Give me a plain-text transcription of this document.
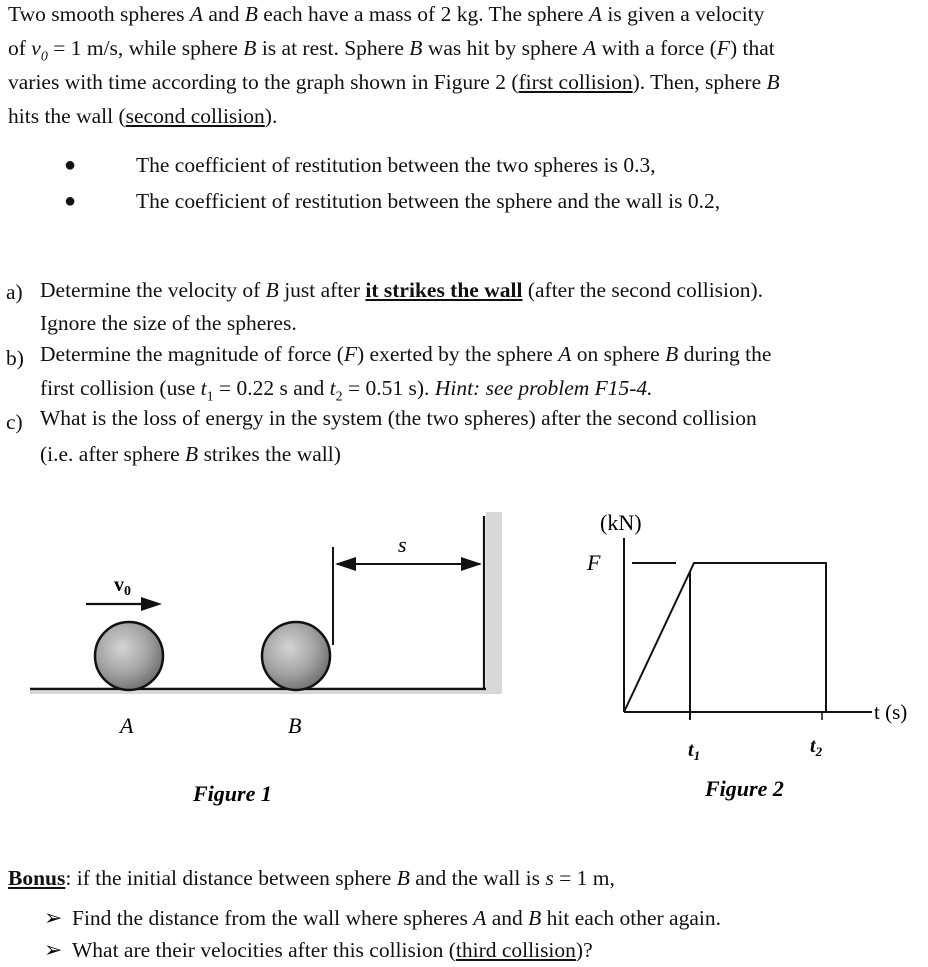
Two smooth spheres A and B each have a mass of 2 kg. The sphere A is given a velocity

of $v_0 = 1$ m/s, while sphere B is at rest. Sphere B was hit by sphere A with a force (F) that

varies with time according to the graph shown in Figure 2 (first collision). Then, sphere B

hits the wall (second collision).

●	The coefficient of restitution between the two spheres is 0.3,
●	The coefficient of restitution between the sphere and the wall is 0.2,
a) Determine the velocity of B just after it strikes the wall (after the second collision).
Ignore the size of the spheres.
b) Determine the magnitude of force (F) exerted by the sphere A on sphere B during the
first collision (use $t_1 = 0.22$ s and $t_2 = 0.51$ s). Hint: see problem F15-4.
c) What is the loss of energy in the system (the two spheres) after the second collision
(i.e. after sphere B strikes the wall)
s
$v_0$
A	B
Figure 1
(kN)
F
t (s)
$t_1$	$t_2$
Figure 2
Bonus: if the initial distance between sphere B and the wall is s = 1 m,
➢ Find the distance from the wall where spheres A and B hit each other again.
➢ What are their velocities after this collision (third collision)?
